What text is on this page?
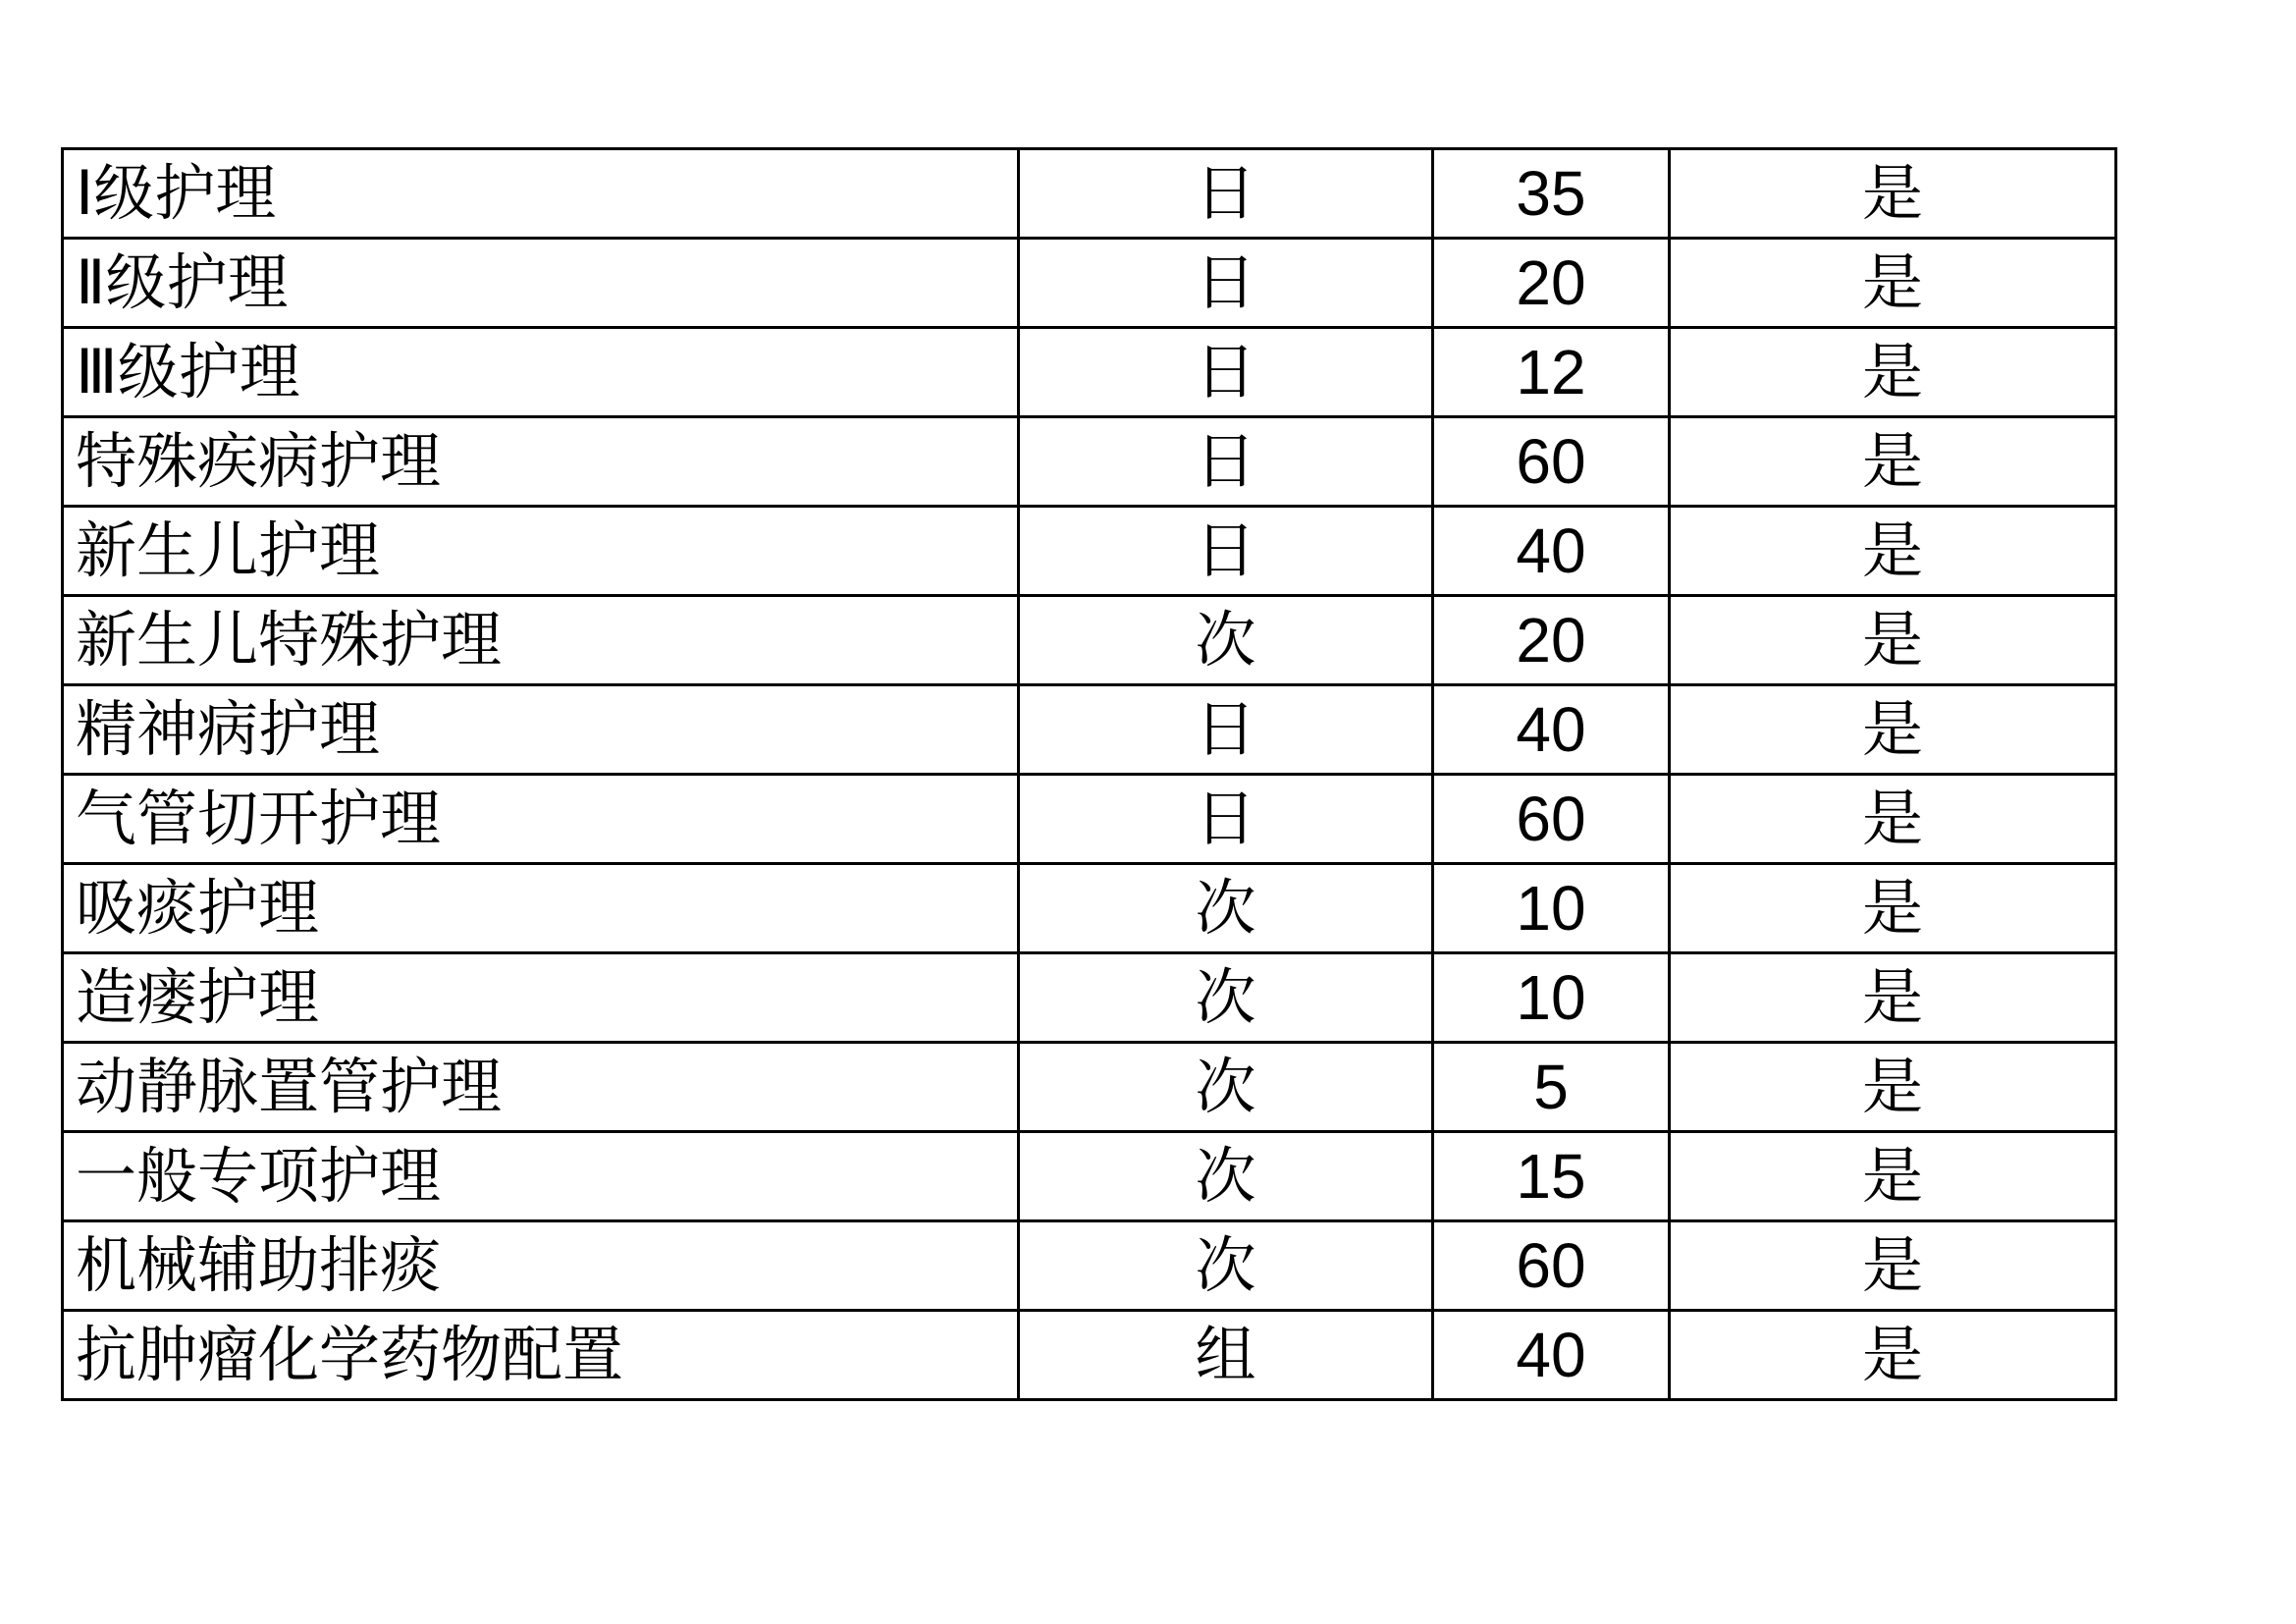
Ⅰ级护理	日	35	是
Ⅱ级护理	日	20	是
Ⅲ级护理	日	12	是
特殊疾病护理	日	60	是
新生儿护理	日	40	是
新生儿特殊护理	次	20	是
精神病护理	日	40	是
气管切开护理	日	60	是
吸痰护理	次	10	是
造瘘护理	次	10	是
动静脉置管护理	次	5	是
一般专项护理	次	15	是
机械辅助排痰	次	60	是
抗肿瘤化学药物配置	组	40	是
